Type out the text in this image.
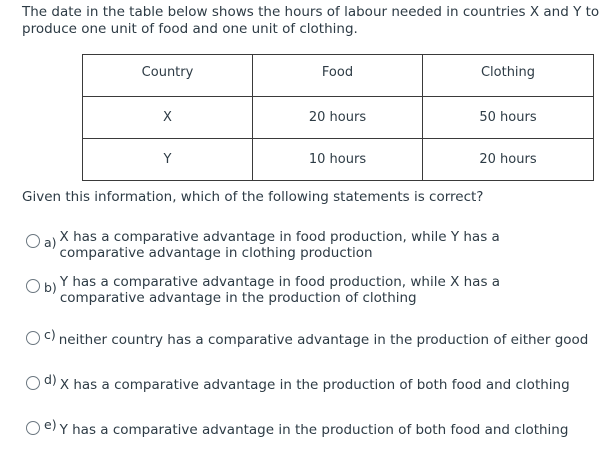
The date in the table below shows the hours of labour needed in countries X and Y to produce one unit of food and one unit of clothing.

Country	Food	Clothing
X	20 hours	50 hours
Y	10 hours	20 hours

Given this information, which of the following statements is correct?

a) X has a comparative advantage in food production, while Y has a comparative advantage in clothing production
b) Y has a comparative advantage in food production, while X has a comparative advantage in the production of clothing
c) neither country has a comparative advantage in the production of either good
d) X has a comparative advantage in the production of both food and clothing
e) Y has a comparative advantage in the production of both food and clothing
